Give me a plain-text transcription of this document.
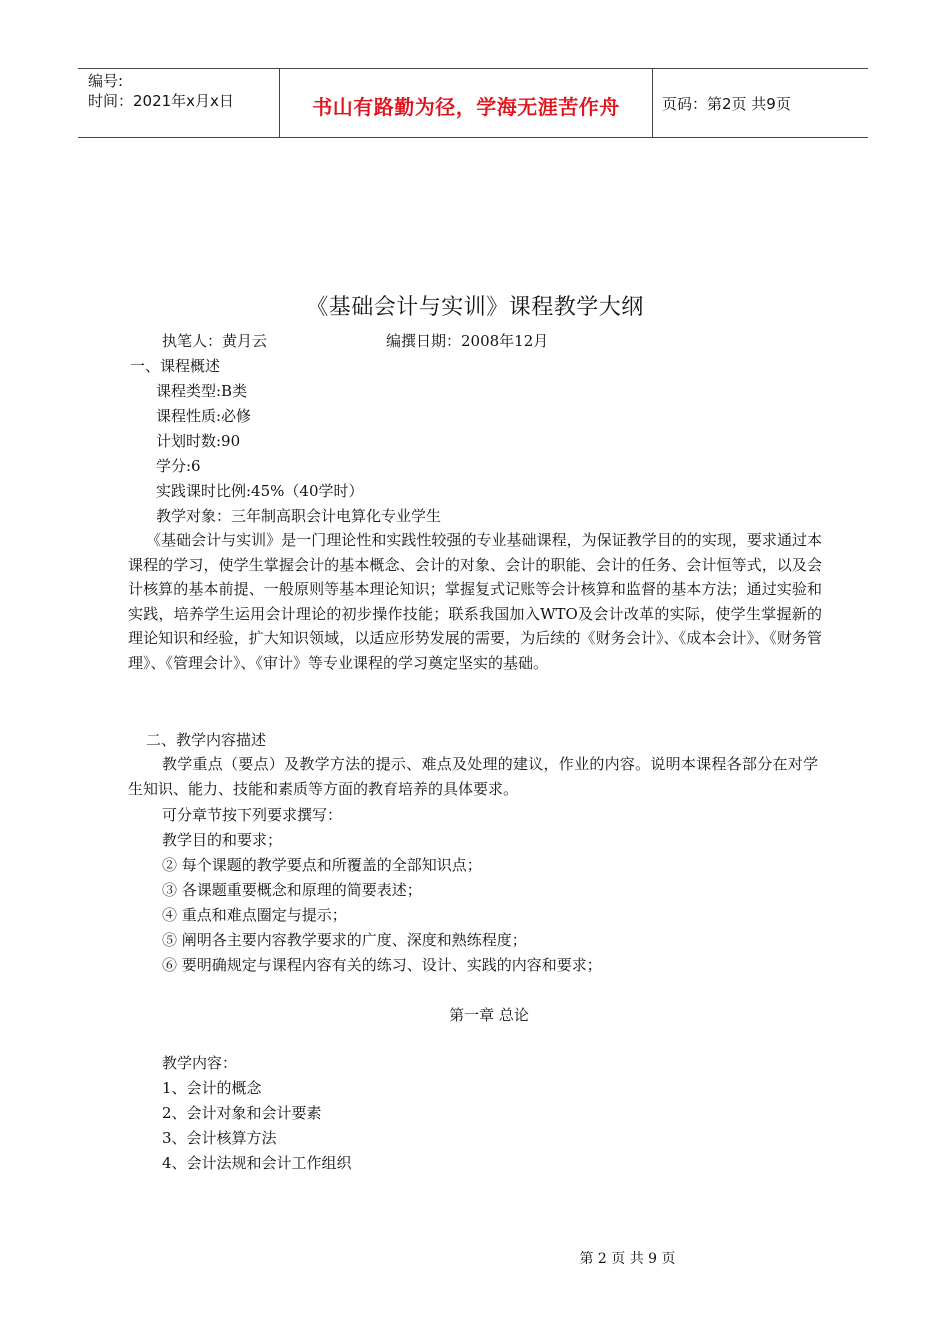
编号:
时间：2021年x月x日	书山有路勤为径，学海无涯苦作舟	页码：第2页 共9页
《基础会计与实训》课程教学大纲
执笔人：黄月云	编撰日期：2008年12月
一、课程概述
课程类型:B类
课程性质:必修
计划时数:90
学分:6
实践课时比例:45%（40学时）
教学对象：三年制高职会计电算化专业学生
《基础会计与实训》是一门理论性和实践性较强的专业基础课程，为保证教学目的的实现，要求通过本课程的学习，使学生掌握会计的基本概念、会计的对象、会计的职能、会计的任务、会计恒等式，以及会计核算的基本前提、一般原则等基本理论知识；掌握复式记账等会计核算和监督的基本方法；通过实验和实践，培养学生运用会计理论的初步操作技能；联系我国加入WTO及会计改革的实际，使学生掌握新的理论知识和经验，扩大知识领域，以适应形势发展的需要，为后续的《财务会计》、《成本会计》、《财务管理》、《管理会计》、《审计》等专业课程的学习奠定坚实的基础。
二、教学内容描述
教学重点（要点）及教学方法的提示、难点及处理的建议，作业的内容。说明本课程各部分在对学生知识、能力、技能和素质等方面的教育培养的具体要求。
可分章节按下列要求撰写：
教学目的和要求；
② 每个课题的教学要点和所覆盖的全部知识点；
③ 各课题重要概念和原理的简要表述；
④ 重点和难点圈定与提示；
⑤ 阐明各主要内容教学要求的广度、深度和熟练程度；
⑥ 要明确规定与课程内容有关的练习、设计、实践的内容和要求；
第一章 总论
教学内容：
1、会计的概念
2、会计对象和会计要素
3、会计核算方法
4、会计法规和会计工作组织
第 2 页 共 9 页
